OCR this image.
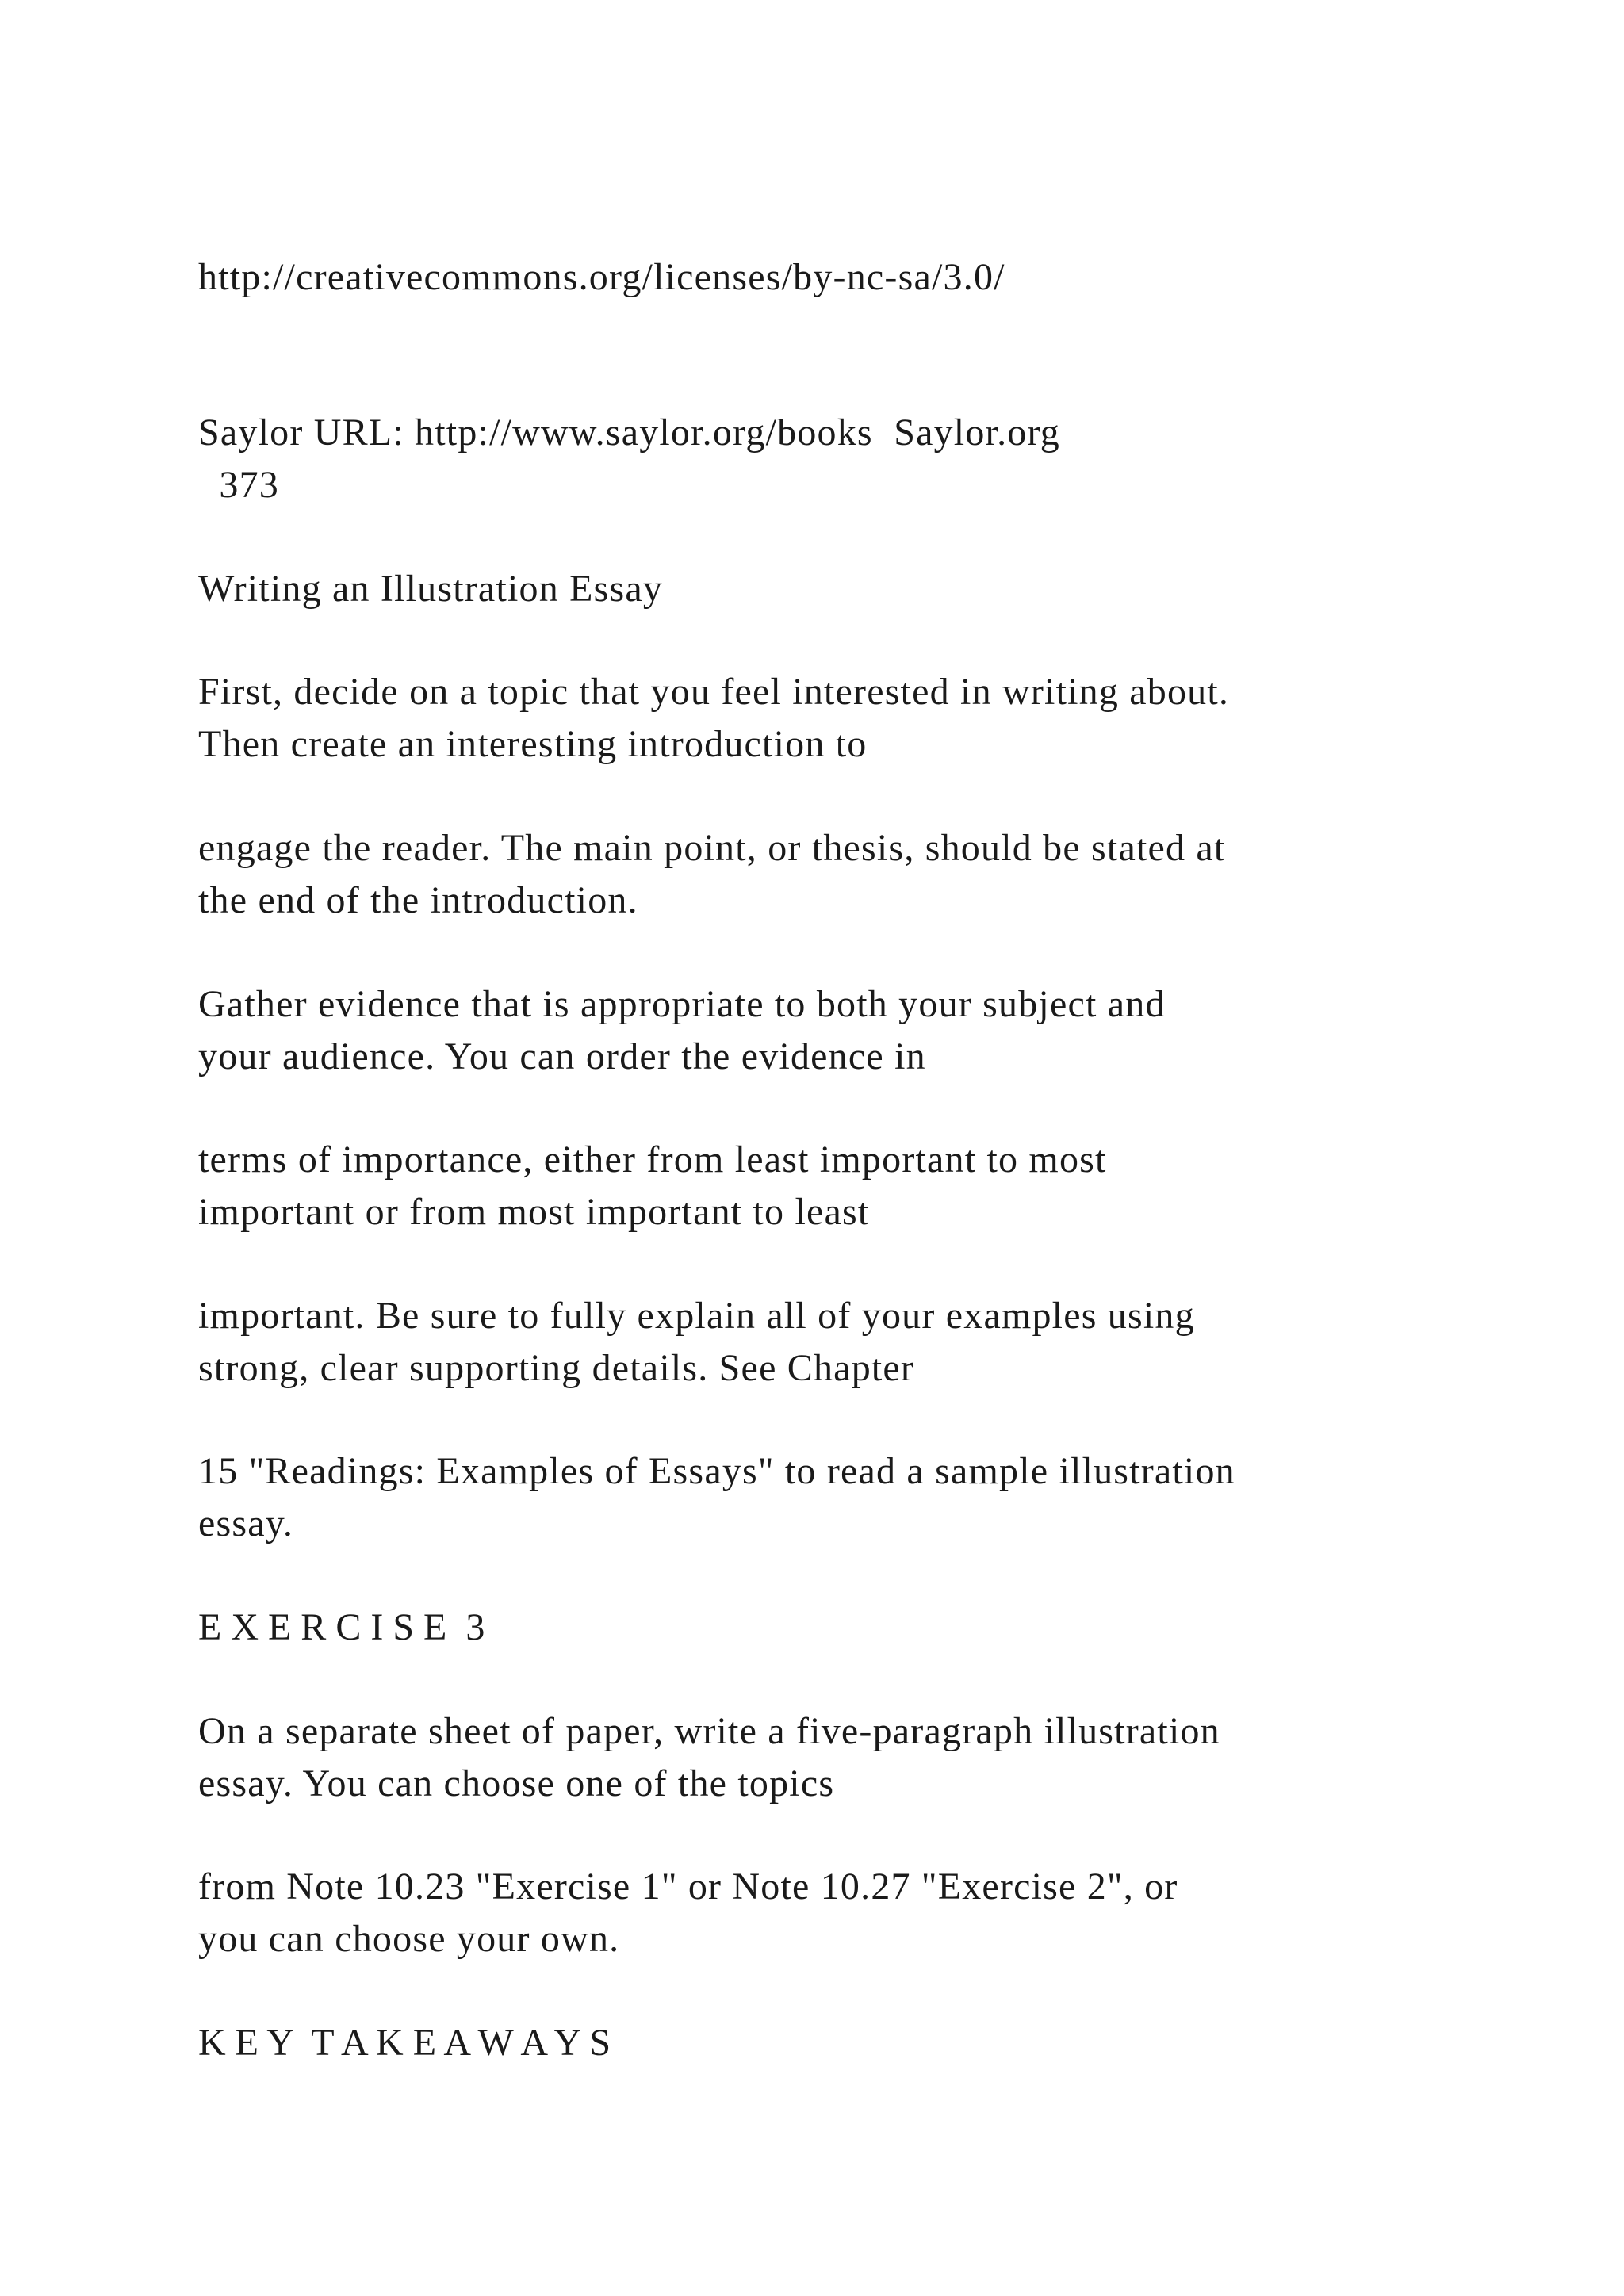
http://creativecommons.org/licenses/by-nc-sa/3.0/
Saylor URL: http://www.saylor.org/books  Saylor.org
373
Writing an Illustration Essay
First, decide on a topic that you feel interested in writing about.
Then create an interesting introduction to
engage the reader. The main point, or thesis, should be stated at
the end of the introduction.
Gather evidence that is appropriate to both your subject and
your audience. You can order the evidence in
terms of importance, either from least important to most
important or from most important to least
important. Be sure to fully explain all of your examples using
strong, clear supporting details. See Chapter
15 "Readings: Examples of Essays" to read a sample illustration
essay.
E X E R C I S E  3
On a separate sheet of paper, write a five-paragraph illustration
essay. You can choose one of the topics
from Note 10.23 "Exercise 1" or Note 10.27 "Exercise 2", or
you can choose your own.
K E Y  T A K E A W A Y S
